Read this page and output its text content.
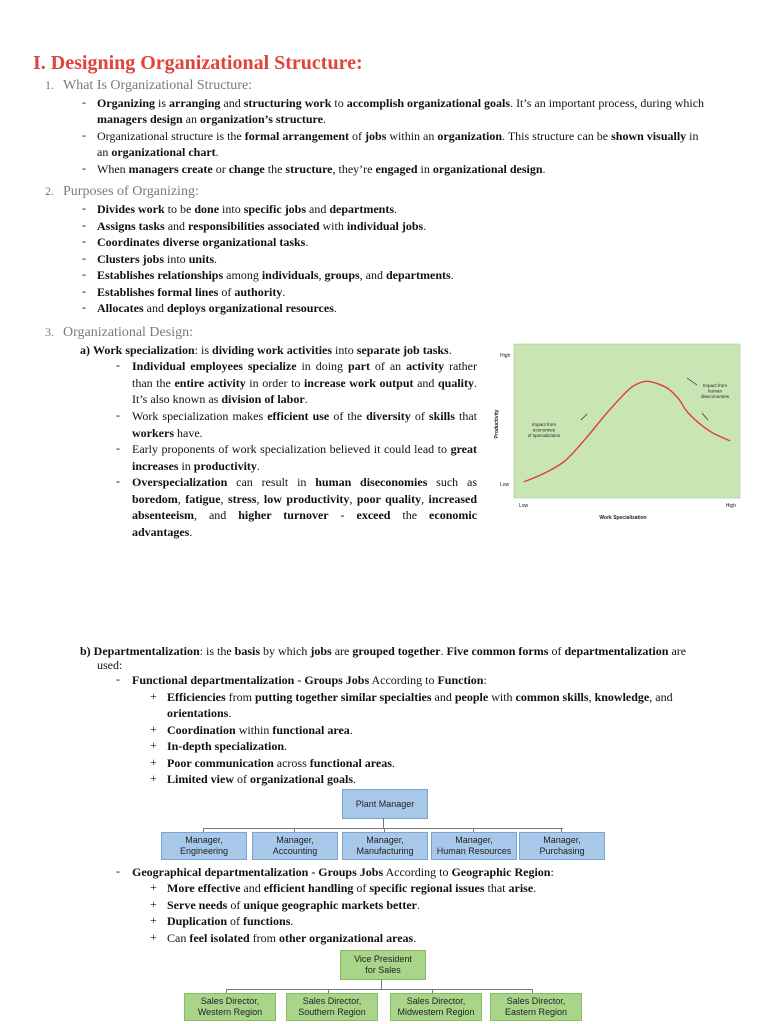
I. Designing Organizational Structure:
1. What Is Organizational Structure:
- Organizing is arranging and structuring work to accomplish organizational goals. It’s an important process, during which
managers design an organization’s structure.
- Organizational structure is the formal arrangement of jobs within an organization. This structure can be shown visually in
an organizational chart.
- When managers create or change the structure, they’re engaged in organizational design.
2. Purposes of Organizing:
- Divides work to be done into specific jobs and departments.
- Assigns tasks and responsibilities associated with individual jobs.
- Coordinates diverse organizational tasks.
- Clusters jobs into units.
- Establishes relationships among individuals, groups, and departments.
- Establishes formal lines of authority.
- Allocates and deploys organizational resources.
3. Organizational Design:
a) Work specialization: is dividing work activities into separate job tasks.
- Individual employees specialize in doing part of an activity rather than the entire activity in order to increase work output and quality. It’s also known as division of labor.
- Work specialization makes efficient use of the diversity of skills that workers have.
- Early proponents of work specialization believed it could lead to great increases in productivity.
- Overspecialization can result in human diseconomies such as boredom, fatigue, stress, low productivity, poor quality, increased absenteeism, and higher turnover - exceed the economic advantages.
High
Low
Low	High
Work Specialization
Productivity	Impact from economies of specialization
Impact from human diseconomies
b) Departmentalization: is the basis by which jobs are grouped together. Five common forms of departmentalization are
used:
- Functional departmentalization - Groups Jobs According to Function:
+ Efficiencies from putting together similar specialties and people with common skills, knowledge, and
+ Coordination within functional area.
+ In-depth specialization.
+ Poor communication across functional areas.
+ Limited view of organizational goals.
orientations.
Plant Manager
Manager,
Engineering
Manager,
Accounting
Manager,
Manufacturing
Manager,
Human Resources
Manager,
Purchasing
- Geographical departmentalization - Groups Jobs According to Geographic Region:
+ More effective and efficient handling of specific regional issues that arise.
+ Serve needs of unique geographic markets better.
+ Duplication of functions.
+ Can feel isolated from other organizational areas.
Vice President
for Sales
Sales Director,
Western Region
Sales Director,
Southern Region
Sales Director,
Midwestern Region
Sales Director,
Eastern Region
